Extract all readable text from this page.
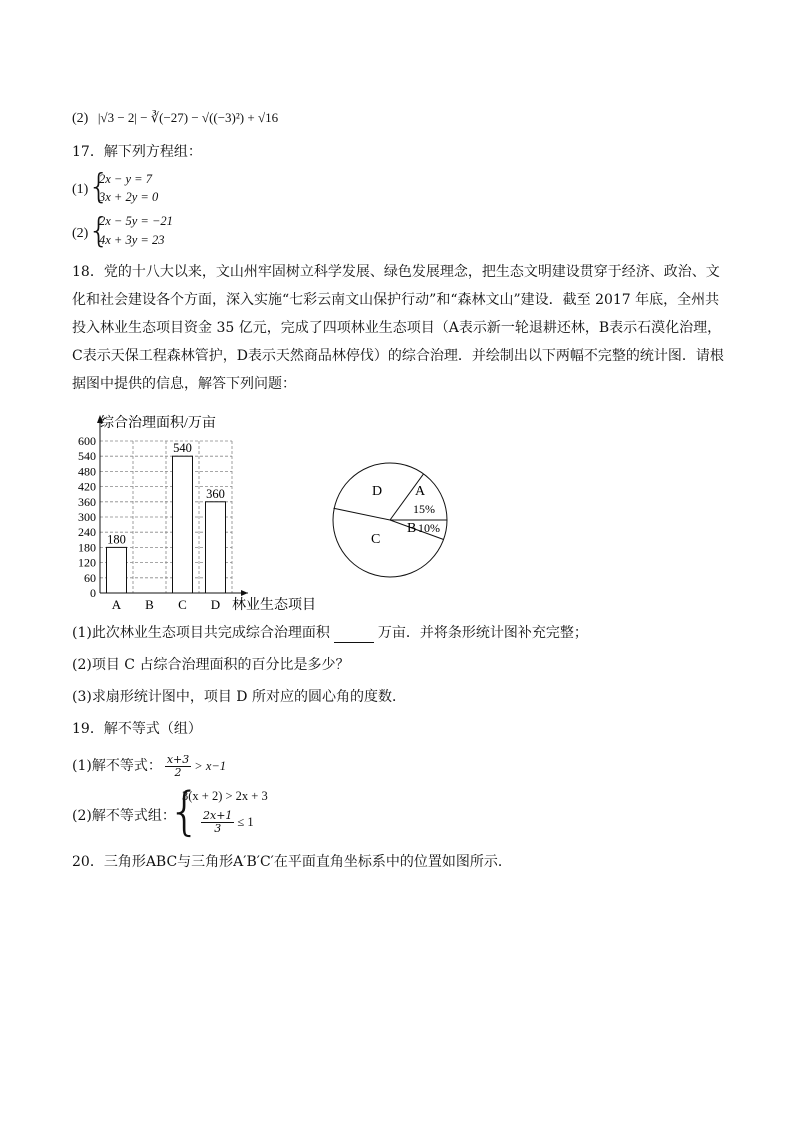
(2) |√3 − 2| − ∛(−27) − √((−3)²) + √16
17．解下列方程组：
(1) {
2x − y = 7
3x + 2y = 0
(2) {
2x − 5y = −21
4x + 3y = 23
18．党的十八大以来，文山州牢固树立科学发展、绿色发展理念，把生态文明建设贯穿于经济、政治、文化和社会建设各个方面，深入实施“七彩云南文山保护行动”和“森林文山”建设．截至 2017 年底，全州共投入林业生态项目资金 35 亿元，完成了四项林业生态项目（A表示新一轮退耕还林，B表示石漠化治理，C表示天保工程森林管护，D表示天然商品林停伐）的综合治理．并绘制出以下两幅不完整的统计图．请根据图中提供的信息，解答下列问题：
0
60
120
180
240
300
360
420
480
540
600
180
540
360
A B C D
综合治理面积/万亩
林业生态项目
D A
15%
B 10%
C
(1)此次林业生态项目共完成综合治理面积	万亩．并将条形统计图补充完整；
(2)项目 C 占综合治理面积的百分比是多少？
(3)求扇形统计图中，项目 D 所对应的圆心角的度数．
19．解不等式（组）
(1)解不等式： $\frac{x+3}{2} > x-1$
(2)解不等式组：
{
3(x + 2) > 2x + 3
$\frac{2x+1}{3} \le 1$
20．三角形ABC与三角形A′B′C′在平面直角坐标系中的位置如图所示．
